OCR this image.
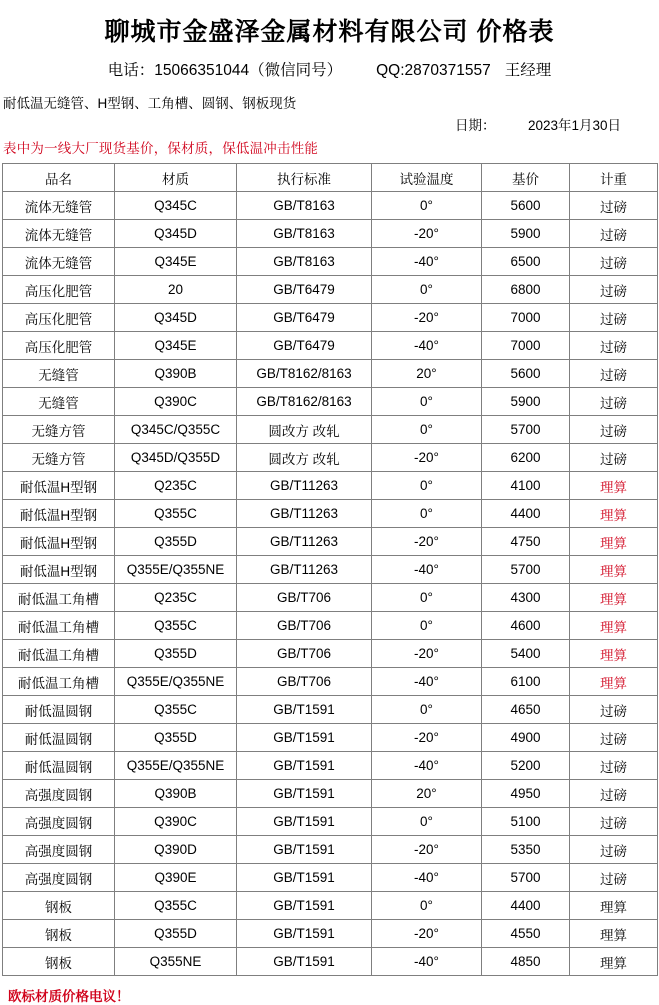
聊城市金盛泽金属材料有限公司 价格表
电话：15066351044（微信同号） QQ:2870371557 王经理
耐低温无缝管、H型钢、工角槽、圆钢、钢板现货
日期： 2023年1月30日
表中为一线大厂现货基价，保材质，保低温冲击性能
品名	材质	执行标准	试验温度	基价	计重
流体无缝管	Q345C	GB/T8163	0°	5600	过磅
流体无缝管	Q345D	GB/T8163	-20°	5900	过磅
流体无缝管	Q345E	GB/T8163	-40°	6500	过磅
高压化肥管	20	GB/T6479	0°	6800	过磅
高压化肥管	Q345D	GB/T6479	-20°	7000	过磅
高压化肥管	Q345E	GB/T6479	-40°	7000	过磅
无缝管	Q390B	GB/T8162/8163	20°	5600	过磅
无缝管	Q390C	GB/T8162/8163	0°	5900	过磅
无缝方管	Q345C/Q355C	圆改方 改轧	0°	5700	过磅
无缝方管	Q345D/Q355D	圆改方 改轧	-20°	6200	过磅
耐低温H型钢	Q235C	GB/T11263	0°	4100	理算
耐低温H型钢	Q355C	GB/T11263	0°	4400	理算
耐低温H型钢	Q355D	GB/T11263	-20°	4750	理算
耐低温H型钢	Q355E/Q355NE	GB/T11263	-40°	5700	理算
耐低温工角槽	Q235C	GB/T706	0°	4300	理算
耐低温工角槽	Q355C	GB/T706	0°	4600	理算
耐低温工角槽	Q355D	GB/T706	-20°	5400	理算
耐低温工角槽	Q355E/Q355NE	GB/T706	-40°	6100	理算
耐低温圆钢	Q355C	GB/T1591	0°	4650	过磅
耐低温圆钢	Q355D	GB/T1591	-20°	4900	过磅
耐低温圆钢	Q355E/Q355NE	GB/T1591	-40°	5200	过磅
高强度圆钢	Q390B	GB/T1591	20°	4950	过磅
高强度圆钢	Q390C	GB/T1591	0°	5100	过磅
高强度圆钢	Q390D	GB/T1591	-20°	5350	过磅
高强度圆钢	Q390E	GB/T1591	-40°	5700	过磅
钢板	Q355C	GB/T1591	0°	4400	理算
钢板	Q355D	GB/T1591	-20°	4550	理算
钢板	Q355NE	GB/T1591	-40°	4850	理算
欧标材质价格电议！
